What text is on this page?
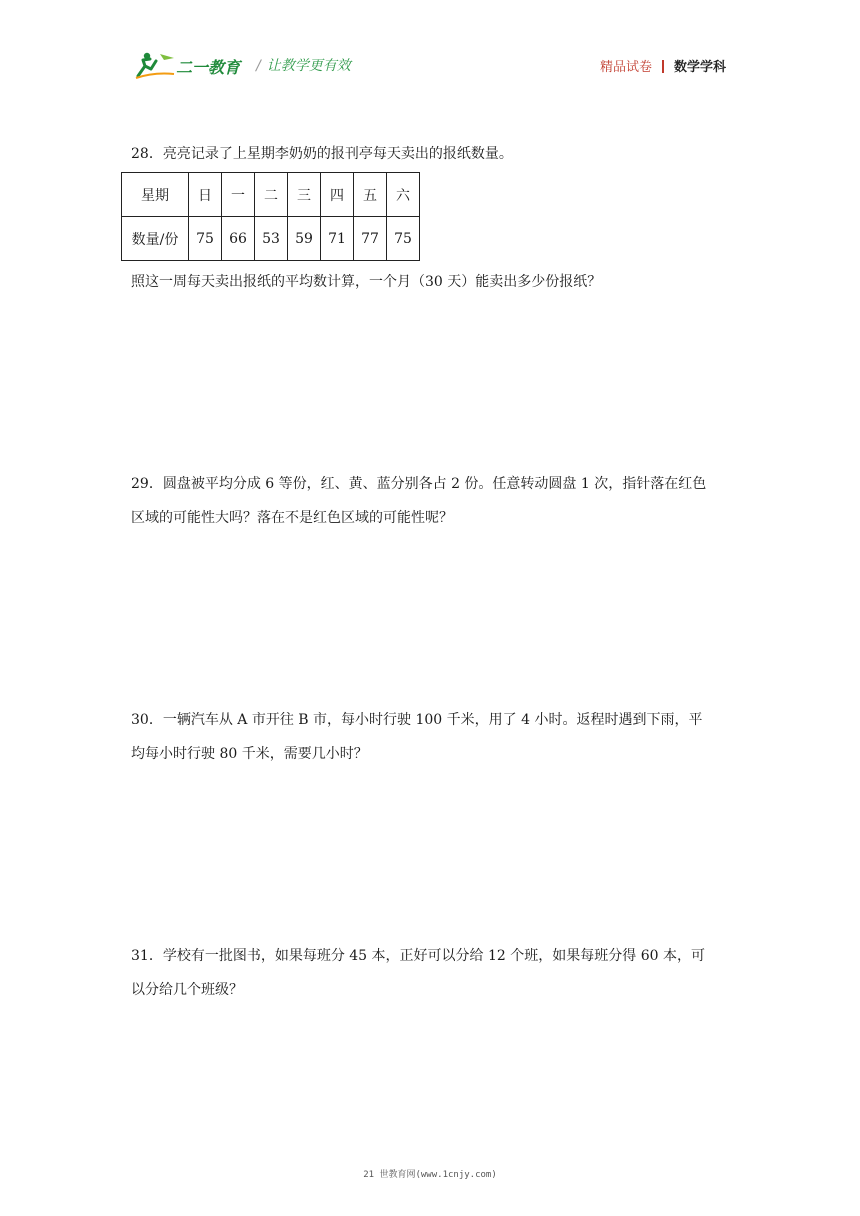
二一教育 / 让教学更有效	精品试卷 数学学科
28．亮亮记录了上星期李奶奶的报刊亭每天卖出的报纸数量。
星期	日	一	二	三	四	五	六
数量/份	75	66	53	59	71	77	75
照这一周每天卖出报纸的平均数计算，一个月（30 天）能卖出多少份报纸？
29．圆盘被平均分成 6 等份，红、黄、蓝分别各占 2 份。任意转动圆盘 1 次，指针落在红色
区域的可能性大吗？落在不是红色区域的可能性呢？
30．一辆汽车从 A 市开往 B 市，每小时行驶 100 千米，用了 4 小时。返程时遇到下雨，平
均每小时行驶 80 千米，需要几小时？
31．学校有一批图书，如果每班分 45 本，正好可以分给 12 个班，如果每班分得 60 本，可
以分给几个班级？
21 世教育网(www.1cnjy.com)
